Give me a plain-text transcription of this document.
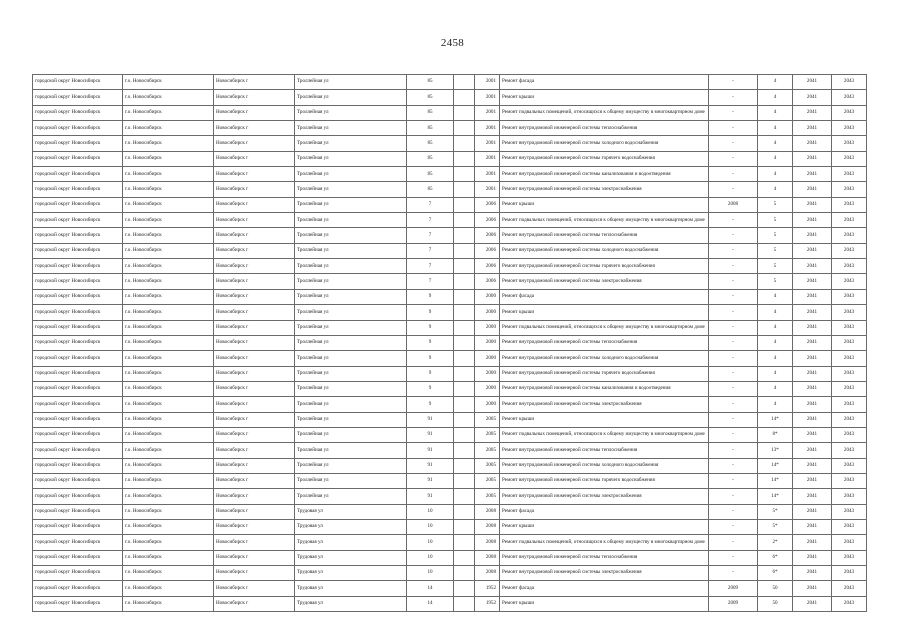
2458
городской округ Новосибирск	г.о. Новосибирск	Новосибирск г	Троллейная ул	85		2001	Ремонт фасада	-	4	2041	2043
городской округ Новосибирск	г.о. Новосибирск	Новосибирск г	Троллейная ул	85		2001	Ремонт крыши	-	4	2041	2043
городской округ Новосибирск	г.о. Новосибирск	Новосибирск г	Троллейная ул	85		2001	Ремонт подвальных помещений, относящихся к общему имуществу в многоквартирном доме	-	4	2041	2043
городской округ Новосибирск	г.о. Новосибирск	Новосибирск г	Троллейная ул	85		2001	Ремонт внутридомовой инженерной системы теплоснабжения	-	4	2041	2043
городской округ Новосибирск	г.о. Новосибирск	Новосибирск г	Троллейная ул	85		2001	Ремонт внутридомовой инженерной системы холодного водоснабжения	-	4	2041	2043
городской округ Новосибирск	г.о. Новосибирск	Новосибирск г	Троллейная ул	85		2001	Ремонт внутридомовой инженерной системы горячего водоснабжения	-	4	2041	2043
городской округ Новосибирск	г.о. Новосибирск	Новосибирск г	Троллейная ул	85		2001	Ремонт внутридомовой инженерной системы канализования и водоотведения	-	4	2041	2043
городской округ Новосибирск	г.о. Новосибирск	Новосибирск г	Троллейная ул	85		2001	Ремонт внутридомовой инженерной системы электроснабжения	-	4	2041	2043
городской округ Новосибирск	г.о. Новосибирск	Новосибирск г	Троллейная ул	7		2006	Ремонт крыши	2008	5	2041	2043
городской округ Новосибирск	г.о. Новосибирск	Новосибирск г	Троллейная ул	7		2006	Ремонт подвальных помещений, относящихся к общему имуществу в многоквартирном доме	-	5	2041	2043
городской округ Новосибирск	г.о. Новосибирск	Новосибирск г	Троллейная ул	7		2006	Ремонт внутридомовой инженерной системы теплоснабжения	-	5	2041	2043
городской округ Новосибирск	г.о. Новосибирск	Новосибирск г	Троллейная ул	7		2006	Ремонт внутридомовой инженерной системы холодного водоснабжения	-	5	2041	2043
городской округ Новосибирск	г.о. Новосибирск	Новосибирск г	Троллейная ул	7		2006	Ремонт внутридомовой инженерной системы горячего водоснабжения	-	5	2041	2043
городской округ Новосибирск	г.о. Новосибирск	Новосибирск г	Троллейная ул	7		2006	Ремонт внутридомовой инженерной системы электроснабжения	-	5	2041	2043
городской округ Новосибирск	г.о. Новосибирск	Новосибирск г	Троллейная ул	9		2000	Ремонт фасада	-	4	2041	2043
городской округ Новосибирск	г.о. Новосибирск	Новосибирск г	Троллейная ул	9		2000	Ремонт крыши	-	4	2041	2043
городской округ Новосибирск	г.о. Новосибирск	Новосибирск г	Троллейная ул	9		2000	Ремонт подвальных помещений, относящихся к общему имуществу в многоквартирном доме	-	4	2041	2043
городской округ Новосибирск	г.о. Новосибирск	Новосибирск г	Троллейная ул	9		2000	Ремонт внутридомовой инженерной системы теплоснабжения	-	4	2041	2043
городской округ Новосибирск	г.о. Новосибирск	Новосибирск г	Троллейная ул	9		2000	Ремонт внутридомовой инженерной системы холодного водоснабжения	-	4	2041	2043
городской округ Новосибирск	г.о. Новосибирск	Новосибирск г	Троллейная ул	9		2000	Ремонт внутридомовой инженерной системы горячего водоснабжения	-	4	2041	2043
городской округ Новосибирск	г.о. Новосибирск	Новосибирск г	Троллейная ул	9		2000	Ремонт внутридомовой инженерной системы канализования и водоотведения	-	4	2041	2043
городской округ Новосибирск	г.о. Новосибирск	Новосибирск г	Троллейная ул	9		2000	Ремонт внутридомовой инженерной системы электроснабжения	-	4	2041	2043
городской округ Новосибирск	г.о. Новосибирск	Новосибирск г	Троллейная ул	91		2005	Ремонт крыши	-	14*	2041	2043
городской округ Новосибирск	г.о. Новосибирск	Новосибирск г	Троллейная ул	91		2005	Ремонт подвальных помещений, относящихся к общему имуществу в многоквартирном доме	-	8*	2041	2043
городской округ Новосибирск	г.о. Новосибирск	Новосибирск г	Троллейная ул	91		2005	Ремонт внутридомовой инженерной системы теплоснабжения	-	13*	2041	2043
городской округ Новосибирск	г.о. Новосибирск	Новосибирск г	Троллейная ул	91		2005	Ремонт внутридомовой инженерной системы холодного водоснабжения	-	14*	2041	2043
городской округ Новосибирск	г.о. Новосибирск	Новосибирск г	Троллейная ул	91		2005	Ремонт внутридомовой инженерной системы горячего водоснабжения	-	14*	2041	2043
городской округ Новосибирск	г.о. Новосибирск	Новосибирск г	Троллейная ул	91		2005	Ремонт внутридомовой инженерной системы электроснабжения	-	14*	2041	2043
городской округ Новосибирск	г.о. Новосибирск	Новосибирск г	Трудовая ул	10		2008	Ремонт фасада	-	5*	2041	2043
городской округ Новосибирск	г.о. Новосибирск	Новосибирск г	Трудовая ул	10		2008	Ремонт крыши	-	5*	2041	2043
городской округ Новосибирск	г.о. Новосибирск	Новосибирск г	Трудовая ул	10		2008	Ремонт подвальных помещений, относящихся к общему имуществу в многоквартирном доме	-	2*	2041	2043
городской округ Новосибирск	г.о. Новосибирск	Новосибирск г	Трудовая ул	10		2008	Ремонт внутридомовой инженерной системы теплоснабжения	-	6*	2041	2043
городской округ Новосибирск	г.о. Новосибирск	Новосибирск г	Трудовая ул	10		2008	Ремонт внутридомовой инженерной системы электроснабжения	-	6*	2041	2043
городской округ Новосибирск	г.о. Новосибирск	Новосибирск г	Трудовая ул	14		1952	Ремонт фасада	2009	50	2041	2043
городской округ Новосибирск	г.о. Новосибирск	Новосибирск г	Трудовая ул	14		1952	Ремонт крыши	2009	50	2041	2043
